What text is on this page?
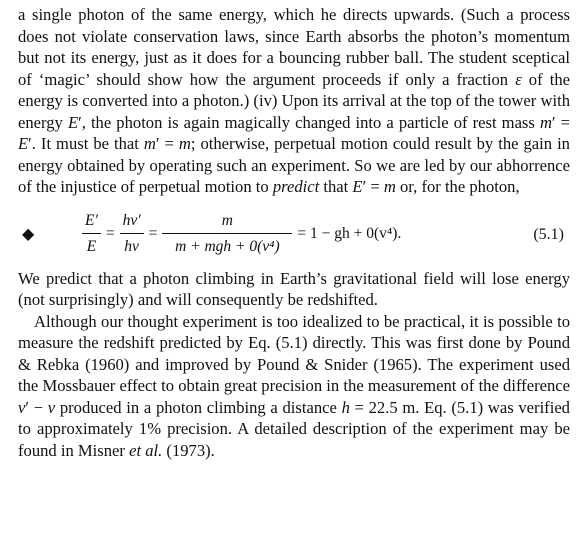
a single photon of the same energy, which he directs upwards. (Such a process does not violate conservation laws, since Earth absorbs the photon’s momentum but not its energy, just as it does for a bouncing rubber ball. The student sceptical of ‘magic’ should show how the argument proceeds if only a fraction ε of the energy is converted into a photon.) (iv) Upon its arrival at the top of the tower with energy E′, the photon is again magically changed into a particle of rest mass m′ = E′. It must be that m′ = m; otherwise, perpetual motion could result by the gain in energy obtained by operating such an experiment. So we are led by our abhorrence of the injustice of perpetual motion to predict that E′ = m or, for the photon,

◆	$\frac{E'}{E} = \frac{h\nu'}{h\nu} = \frac{m}{\text{m + mgh + 0(v⁴)}} = 1$ − gh + 0(v⁴).	(5.1)

We predict that a photon climbing in Earth’s gravitational field will lose energy (not surprisingly) and will consequently be redshifted.

Although our thought experiment is too idealized to be practical, it is possible to measure the redshift predicted by Eq. (5.1) directly. This was first done by Pound & Rebka (1960) and improved by Pound & Snider (1965). The experiment used the Mossbauer effect to obtain great precision in the measurement of the difference ν′ − ν produced in a photon climbing a distance h = 22.5 m. Eq. (5.1) was verified to approximately 1% precision. A detailed description of the experiment may be found in Misner et al. (1973).
